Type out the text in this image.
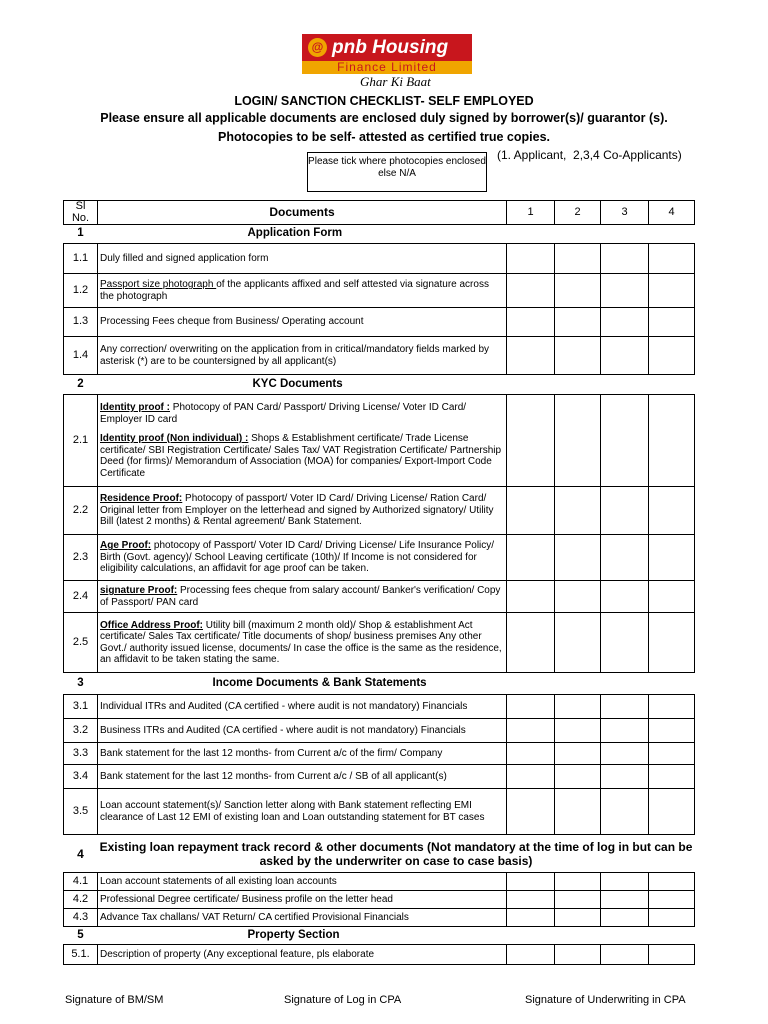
@ pnb Housing
Finance Limited
Ghar Ki Baat
LOGIN/ SANCTION CHECKLIST- SELF EMPLOYED
Please ensure all applicable documents are enclosed duly signed by borrower(s)/ guarantor (s).
Photocopies to be self- attested as certified true copies.
(1. Applicant,  2,3,4 Co-Applicants)
Please tick where photocopies enclosed else N/A
Sl No.	Documents	1	2	3	4
1	Application Form				
1.1	Duly filled and signed application form				
1.2	Passport size photograph of the applicants affixed and self attested via signature across the photograph				
1.3	Processing Fees cheque from Business/ Operating account				
1.4	Any correction/ overwriting on the application from in critical/mandatory fields marked by asterisk (*) are to be countersigned by all applicant(s)				
2	KYC Documents				
2.1	Identity proof : Photocopy of PAN Card/ Passport/ Driving License/ Voter ID Card/ Employer ID card
Identity proof (Non individual) : Shops & Establishment certificate/ Trade License certificate/ SBI Registration Certificate/ Sales Tax/ VAT Registration Certificate/ Partnership Deed (for firms)/ Memorandum of Association (MOA) for companies/ Export-Import Code Certificate				

2.2	Residence Proof: Photocopy of passport/ Voter ID Card/ Driving License/ Ration Card/ Original letter from Employer on the letterhead and signed by Authorized signatory/ Utility Bill (latest 2 months) & Rental agreement/ Bank Statement.				
2.3	Age Proof: photocopy of Passport/ Voter ID Card/ Driving License/ Life Insurance Policy/ Birth (Govt. agency)/ School Leaving certificate (10th)/ If Income is not considered for eligibility calculations, an affidavit for age proof can be taken.				
2.4	signature Proof: Processing fees cheque from salary account/ Banker's verification/ Copy of Passport/ PAN card				
2.5	Office Address Proof: Utility bill (maximum 2 month old)/ Shop & establishment Act certificate/ Sales Tax certificate/ Title documents of shop/ business premises Any other Govt./ authority issued license, documents/ In case the office is the same as the residence, an affidavit to be taken stating the same.				
3	Income Documents & Bank Statements				
3.1	Individual ITRs and Audited (CA certified - where audit is not mandatory) Financials				
3.2	Business ITRs and Audited (CA certified - where audit is not mandatory) Financials				
3.3	Bank statement for the last 12 months- from Current a/c of the firm/ Company				
3.4	Bank statement for the last 12 months- from Current a/c / SB of all applicant(s)				
3.5	Loan account statement(s)/ Sanction letter along with Bank statement reflecting EMI clearance of Last 12 EMI of existing loan and Loan outstanding statement for BT cases				
4	Existing loan repayment track record & other documents (Not mandatory at the time of log in but can be asked by the underwriter on case to case basis)				
4.1	Loan account statements of all existing loan accounts				
4.2	Professional Degree certificate/ Business profile on the letter head				
4.3	Advance Tax challans/ VAT Return/ CA certified Provisional Financials				
5	Property Section				
5.1.	Description of property (Any exceptional feature, pls elaborate				
Signature of BM/SM	Signature of Log in CPA	Signature of Underwriting in CPA
